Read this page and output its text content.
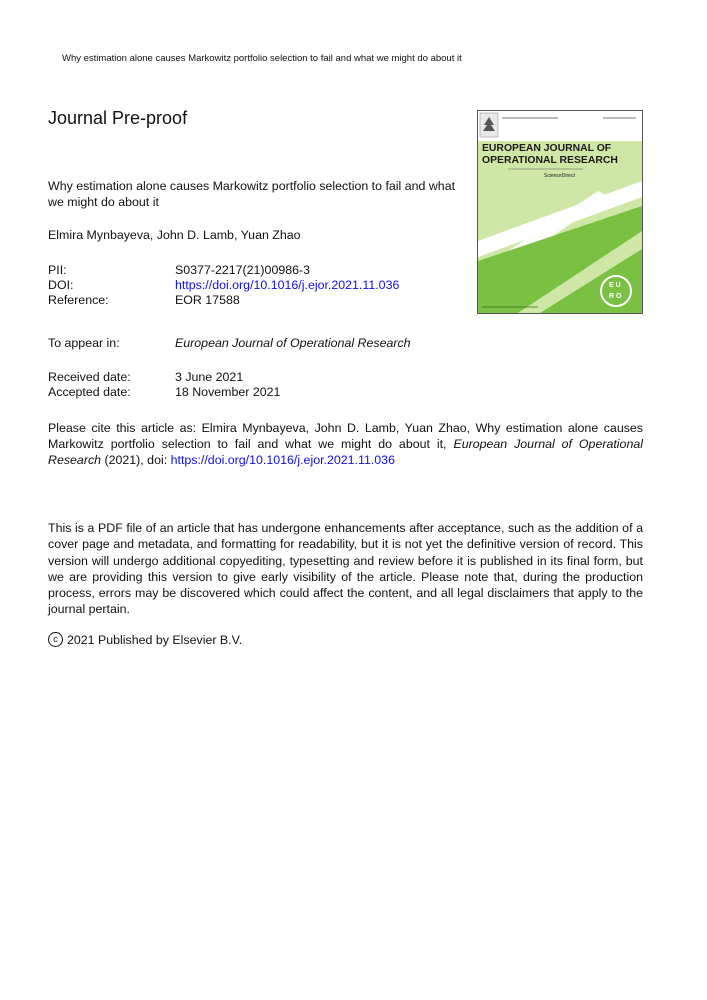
Why estimation alone causes Markowitz portfolio selection to fail and what we might do about it
Journal Pre-proof
Why estimation alone causes Markowitz portfolio selection to fail and what we might do about it
Elmira Mynbayeva, John D. Lamb, Yuan Zhao
PII:	S0377-2217(21)00986-3
DOI:	https://doi.org/10.1016/j.ejor.2021.11.036
Reference:	EOR 17588
To appear in:	European Journal of Operational Research
Received date:	3 June 2021
Accepted date:	18 November 2021
Please cite this article as: Elmira Mynbayeva, John D. Lamb, Yuan Zhao, Why estimation alone causes Markowitz portfolio selection to fail and what we might do about it, European Journal of Operational Research (2021), doi: https://doi.org/10.1016/j.ejor.2021.11.036
This is a PDF file of an article that has undergone enhancements after acceptance, such as the addition of a cover page and metadata, and formatting for readability, but it is not yet the definitive version of record. This version will undergo additional copyediting, typesetting and review before it is published in its final form, but we are providing this version to give early visibility of the article. Please note that, during the production process, errors may be discovered which could affect the content, and all legal disclaimers that apply to the journal pertain.
c 2021 Published by Elsevier B.V.
EUROPEAN JOURNAL OF
OPERATIONAL RESEARCH
ScienceDirect
E U
R O
